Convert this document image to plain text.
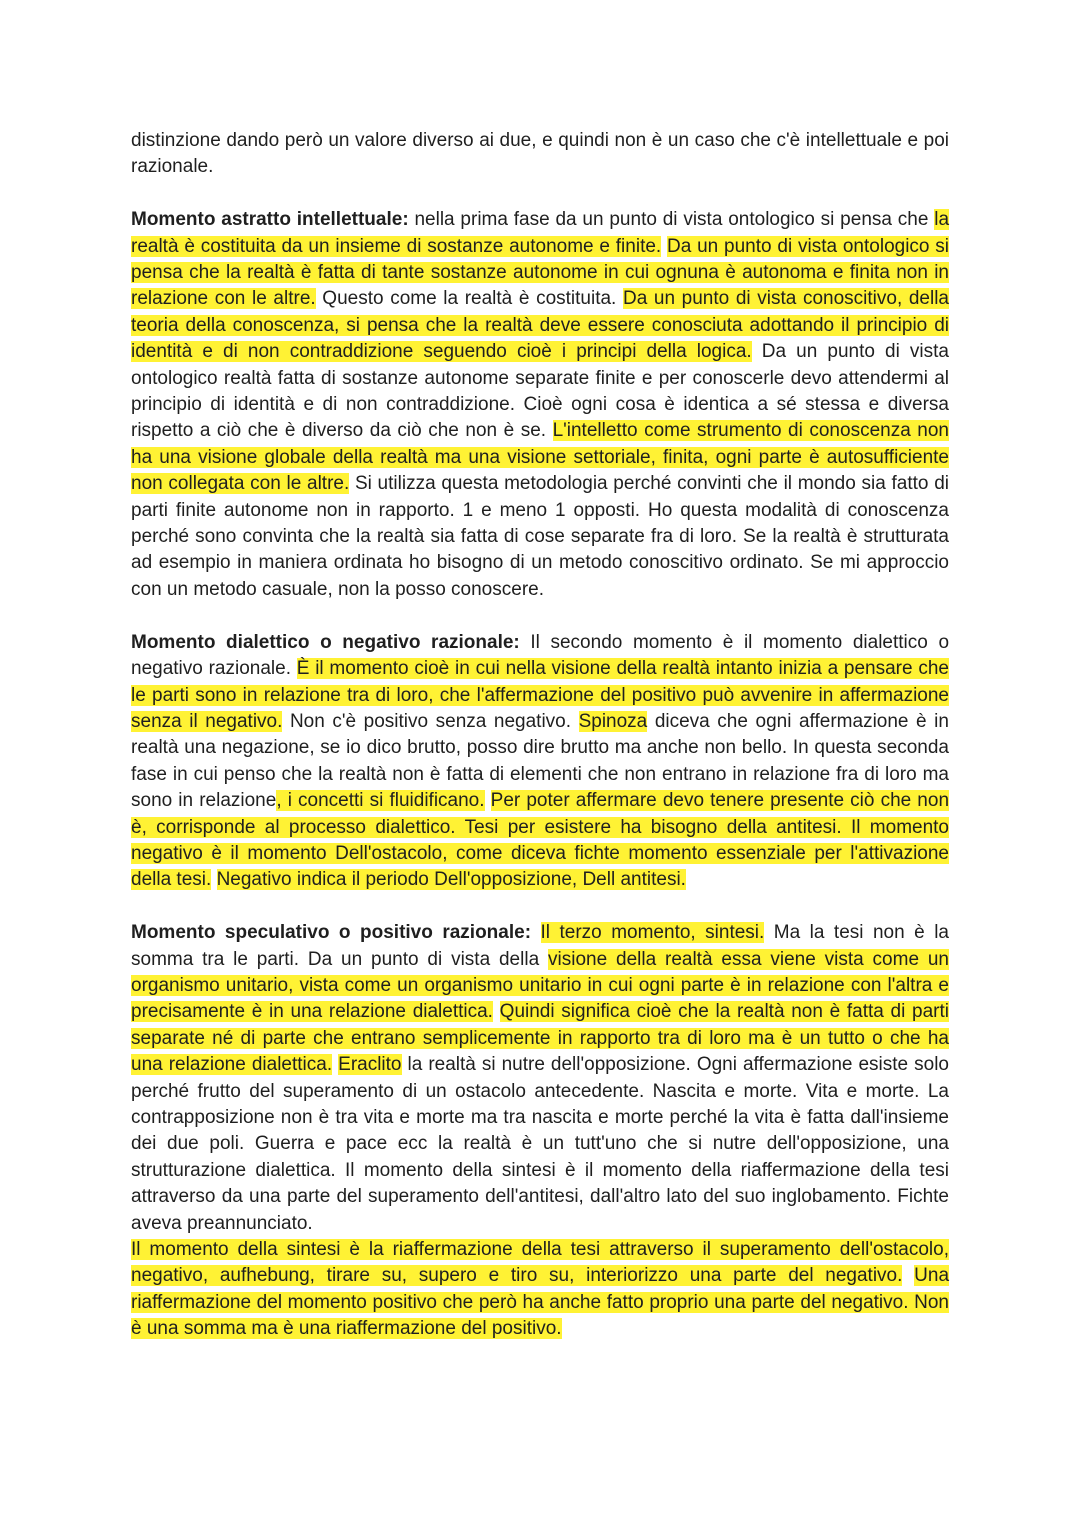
distinzione dando però un valore diverso ai due, e quindi non è un caso che c'è intellettuale e poi razionale.

Momento astratto intellettuale: nella prima fase da un punto di vista ontologico si pensa che la realtà è costituita da un insieme di sostanze autonome e finite. Da un punto di vista ontologico si pensa che la realtà è fatta di tante sostanze autonome in cui ognuna è autonoma e finita non in relazione con le altre. Questo come la realtà è costituita. Da un punto di vista conoscitivo, della teoria della conoscenza, si pensa che la realtà deve essere conosciuta adottando il principio di identità e di non contraddizione seguendo cioè i principi della logica. Da un punto di vista ontologico realtà fatta di sostanze autonome separate finite e per conoscerle devo attendermi al principio di identità e di non contraddizione. Cioè ogni cosa è identica a sé stessa e diversa rispetto a ciò che è diverso da ciò che non è se. L'intelletto come strumento di conoscenza non ha una visione globale della realtà ma una visione settoriale, finita, ogni parte è autosufficiente non collegata con le altre. Si utilizza questa metodologia perché convinti che il mondo sia fatto di parti finite autonome non in rapporto. 1 e meno 1 opposti. Ho questa modalità di conoscenza perché sono convinta che la realtà sia fatta di cose separate fra di loro. Se la realtà è strutturata ad esempio in maniera ordinata ho bisogno di un metodo conoscitivo ordinato. Se mi approccio con un metodo casuale, non la posso conoscere.

Momento dialettico o negativo razionale: Il secondo momento è il momento dialettico o negativo razionale. È il momento cioè in cui nella visione della realtà intanto inizia a pensare che le parti sono in relazione tra di loro, che l'affermazione del positivo può avvenire in affermazione senza il negativo. Non c'è positivo senza negativo. Spinoza diceva che ogni affermazione è in realtà una negazione, se io dico brutto, posso dire brutto ma anche non bello. In questa seconda fase in cui penso che la realtà non è fatta di elementi che non entrano in relazione fra di loro ma sono in relazione, i concetti si fluidificano. Per poter affermare devo tenere presente ciò che non è, corrisponde al processo dialettico. Tesi per esistere ha bisogno della antitesi. Il momento negativo è il momento Dell'ostacolo, come diceva fichte momento essenziale per l'attivazione della tesi. Negativo indica il periodo Dell'opposizione, Dell antitesi.

Momento speculativo o positivo razionale: Il terzo momento, sintesi. Ma la tesi non è la somma tra le parti. Da un punto di vista della visione della realtà essa viene vista come un organismo unitario, vista come un organismo unitario in cui ogni parte è in relazione con l'altra e precisamente è in una relazione dialettica. Quindi significa cioè che la realtà non è fatta di parti separate né di parte che entrano semplicemente in rapporto tra di loro ma è un tutto o che ha una relazione dialettica. Eraclito la realtà si nutre dell'opposizione. Ogni affermazione esiste solo perché frutto del superamento di un ostacolo antecedente. Nascita e morte. Vita e morte. La contrapposizione non è tra vita e morte ma tra nascita e morte perché la vita è fatta dall'insieme dei due poli. Guerra e pace ecc la realtà è un tutt'uno che si nutre dell'opposizione, una strutturazione dialettica. Il momento della sintesi è il momento della riaffermazione della tesi attraverso da una parte del superamento dell'antitesi, dall'altro lato del suo inglobamento. Fichte aveva preannunciato.

Il momento della sintesi è la riaffermazione della tesi attraverso il superamento dell'ostacolo, negativo, aufhebung, tirare su, supero e tiro su, interiorizzo una parte del negativo. Una riaffermazione del momento positivo che però ha anche fatto proprio una parte del negativo. Non è una somma ma è una riaffermazione del positivo.
